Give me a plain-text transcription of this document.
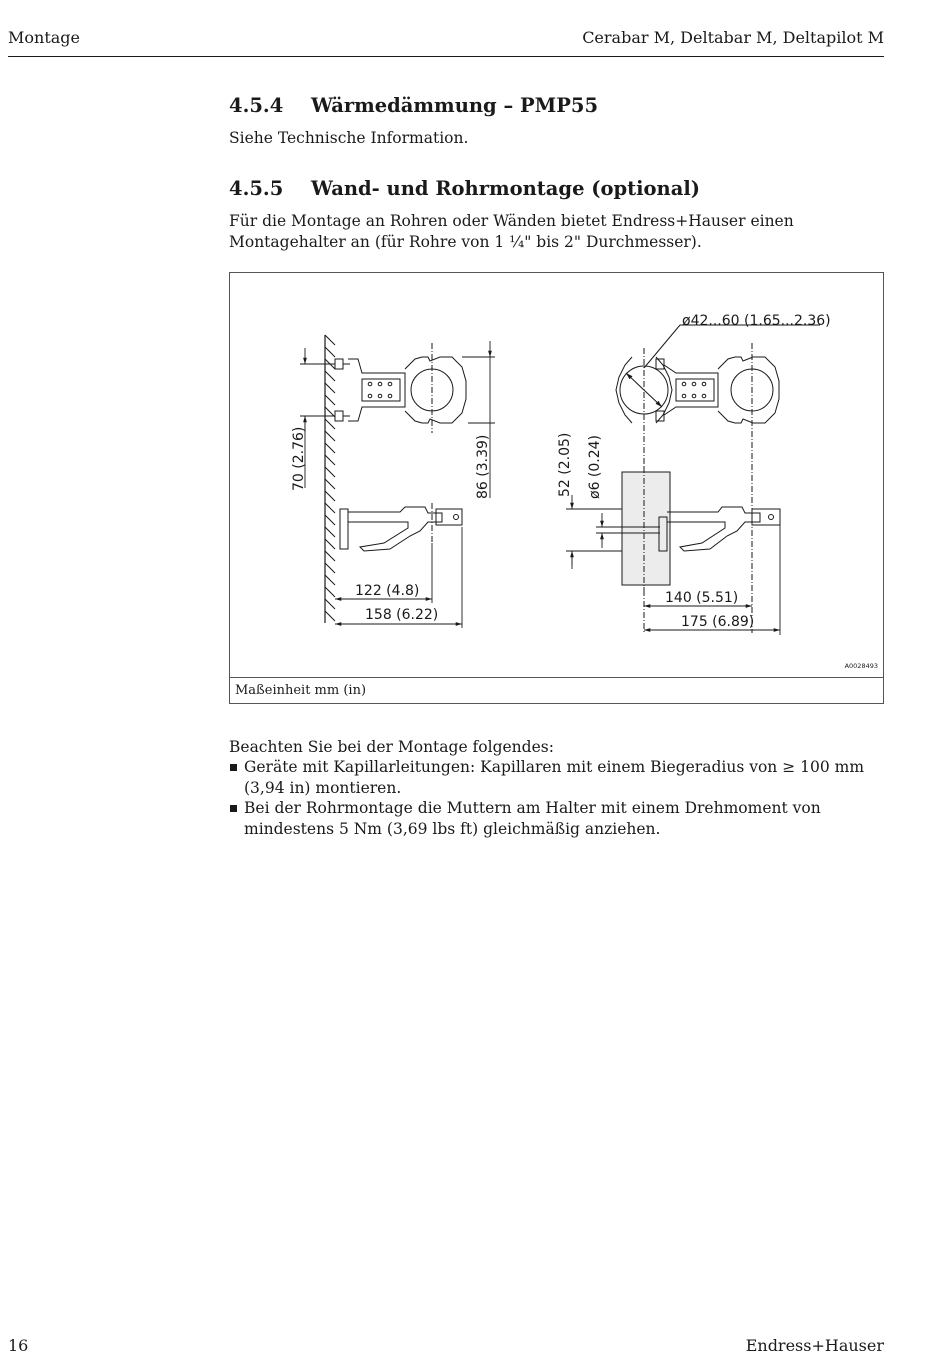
Montage	Cerabar M, Deltabar M, Deltapilot M
4.5.4 Wärmedämmung – PMP55
Siehe Technische Information.
4.5.5 Wand- und Rohrmontage (optional)
Für die Montage an Rohren oder Wänden bietet Endress+Hauser einen Montagehalter an (für Rohre von 1 ¼" bis 2" Durchmesser).
70 (2.76)	86 (3.39)
122 (4.8)
158 (6.22)
52 (2.05) ø6 (0.24)
140 (5.51)
175 (6.89)
ø42...60 (1.65...2.36)
A0028493
Maßeinheit mm (in)
Beachten Sie bei der Montage folgendes:
Geräte mit Kapillarleitungen: Kapillaren mit einem Biegeradius von ≥ 100 mm (3,94 in) montieren.
Bei der Rohrmontage die Muttern am Halter mit einem Drehmoment von mindestens 5 Nm (3,69 lbs ft) gleichmäßig anziehen.
16	Endress+Hauser
